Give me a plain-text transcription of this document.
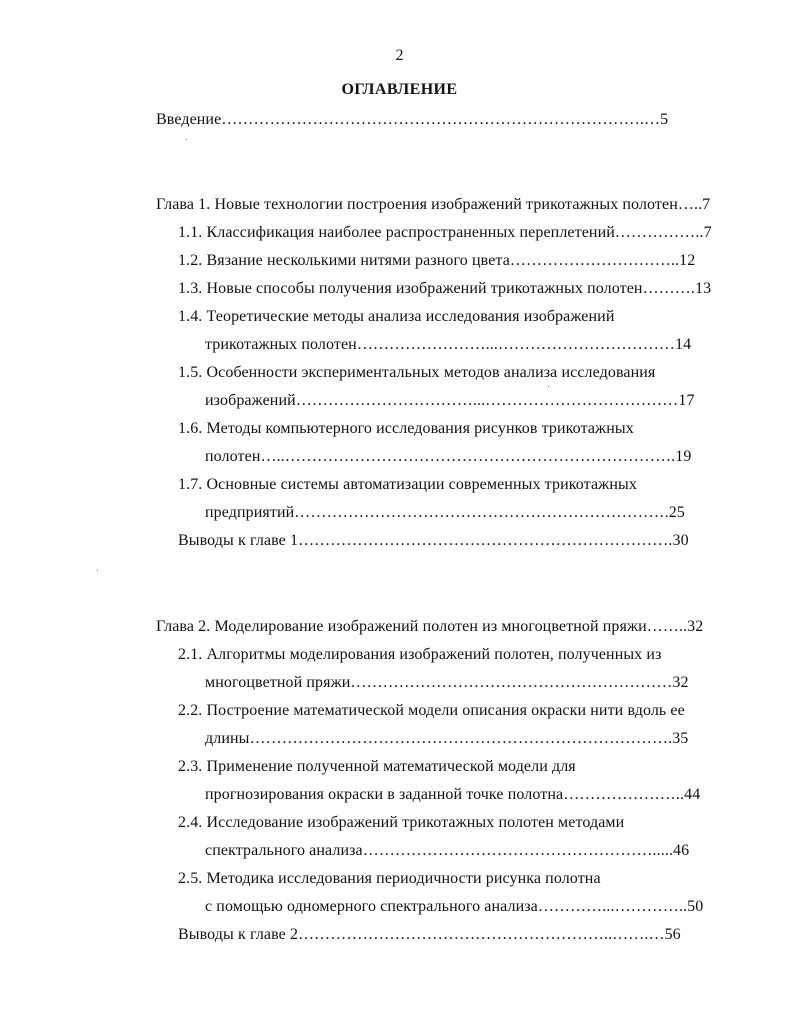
2
ОГЛАВЛЕНИЕ
Введение…………………………………………………………………….…5
Глава 1. Новые технологии построения изображений трикотажных полотен…..7
1.1. Классификация наиболее распространенных переплетений……………..7
1.2. Вязание несколькими нитями разного цвета…………………………..12
1.3. Новые способы получения изображений трикотажных полотен……….13
1.4. Теоретические методы анализа исследования изображений
трикотажных полотен……………………...……………………………14
1.5. Особенности экспериментальных методов анализа исследования
изображений……………………………...………………………………17
1.6. Методы компьютерного исследования рисунков трикотажных
полотен…..……………………………………………………………….19
1.7. Основные системы автоматизации современных трикотажных
предприятий…………………………………………………………….25
Выводы к главе 1…………………………………………………………….30
Глава 2. Моделирование изображений полотен из многоцветной пряжи……..32
2.1. Алгоритмы моделирования изображений полотен, полученных из
многоцветной пряжи……………………………………………………32
2.2. Построение математической модели описания окраски нити вдоль ее
длины…………………………………………………………………….35
2.3. Применение полученной математической модели для
прогнозирования окраски в заданной точке полотна…………………..44
2.4. Исследование изображений трикотажных полотен методами
спектрального анализа……………………………………………….....46
2.5. Методика исследования периодичности рисунка полотна
с помощью одномерного спектрального анализа…………...…………..50
Выводы к главе 2…………………………………………………..…….…56
